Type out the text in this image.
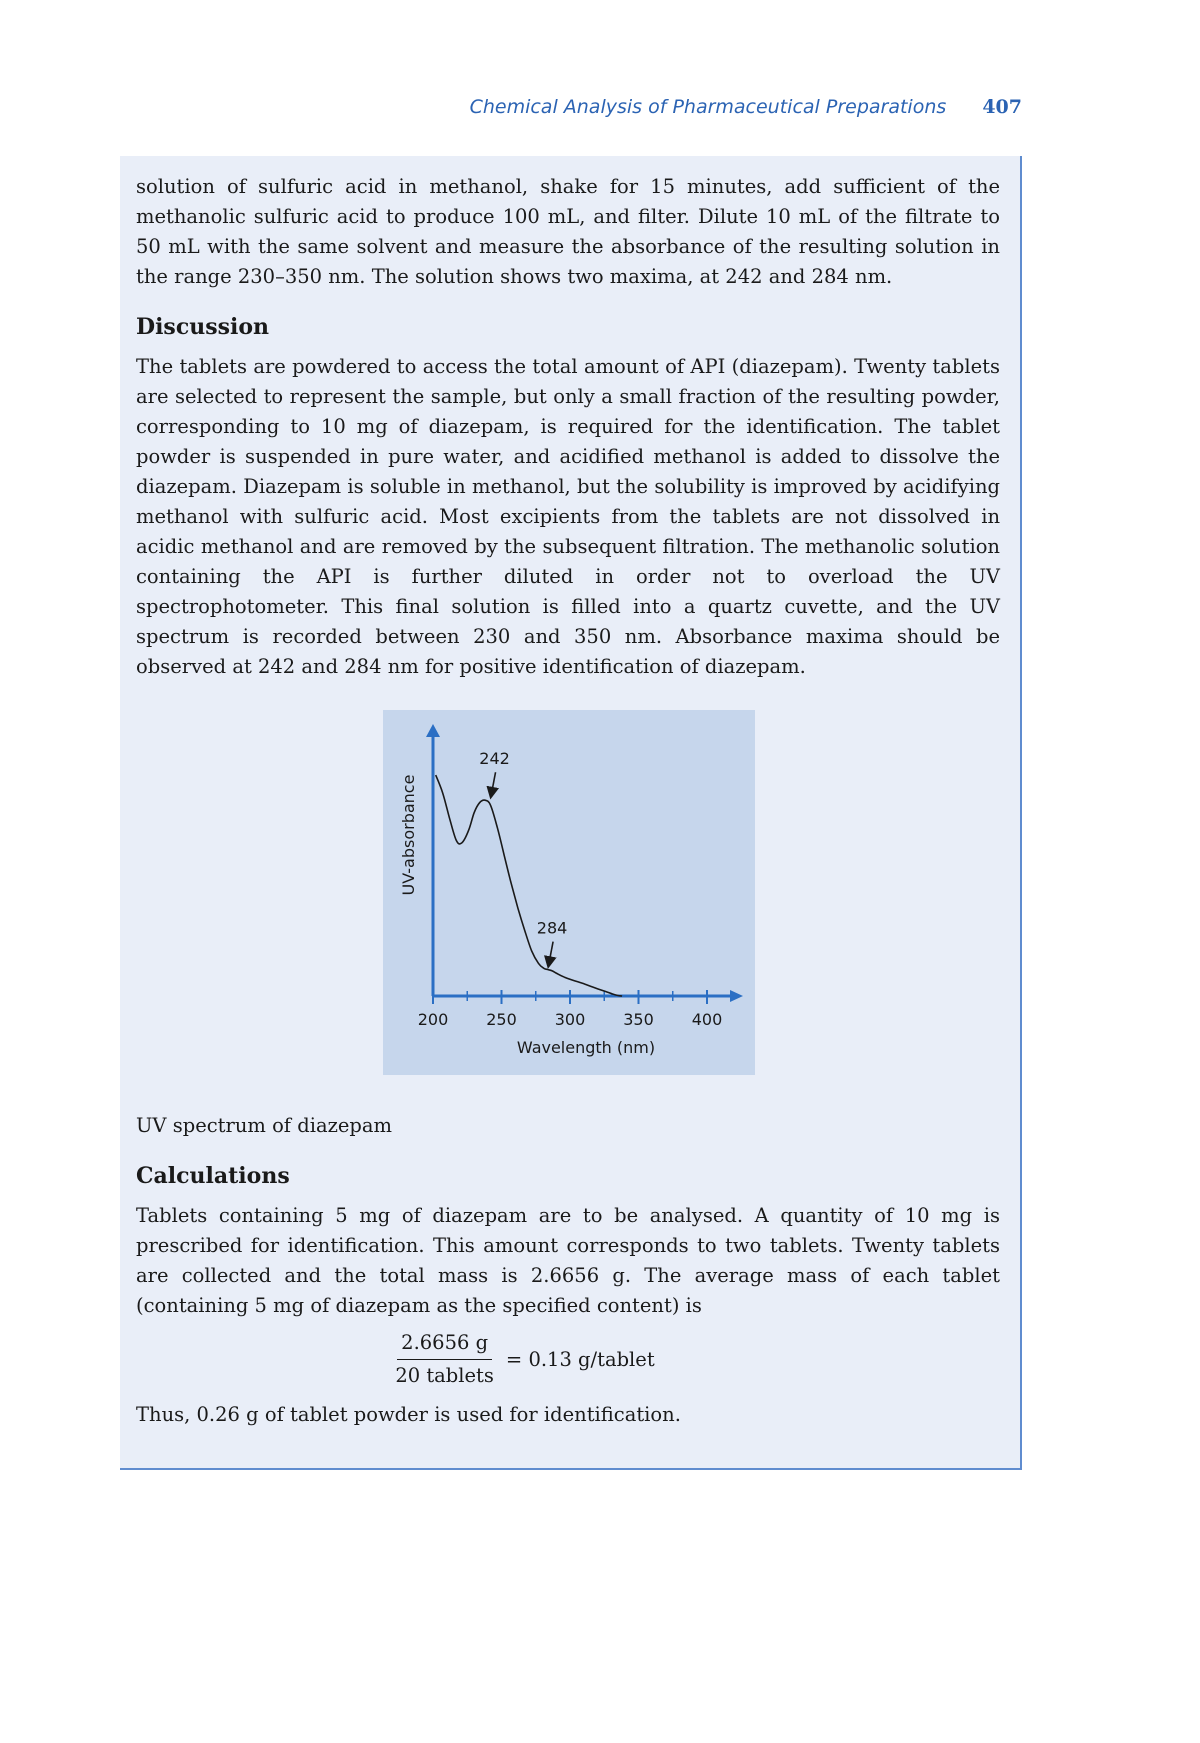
Chemical Analysis of Pharmaceutical Preparations 407

solution of sulfuric acid in methanol, shake for 15 minutes, add sufficient of the methanolic sulfuric acid to produce 100 mL, and filter. Dilute 10 mL of the filtrate to 50 mL with the same solvent and measure the absorbance of the resulting solution in the range 230–350 nm. The solution shows two maxima, at 242 and 284 nm.

Discussion

The tablets are powdered to access the total amount of API (diazepam). Twenty tablets are selected to represent the sample, but only a small fraction of the resulting powder, corresponding to 10 mg of diazepam, is required for the identification. The tablet powder is suspended in pure water, and acidified methanol is added to dissolve the diazepam. Diazepam is soluble in methanol, but the solubility is improved by acidifying methanol with sulfuric acid. Most excipients from the tablets are not dissolved in acidic methanol and are removed by the subsequent filtration. The methanolic solution containing the API is further diluted in order not to overload the UV spectrophotometer. This final solution is filled into a quartz cuvette, and the UV spectrum is recorded between 230 and 350 nm. Absorbance maxima should be observed at 242 and 284 nm for positive identification of diazepam.

200 250 300 350 400
242
284
UV-absorbance
Wavelength (nm)

UV spectrum of diazepam

Calculations

Tablets containing 5 mg of diazepam are to be analysed. A quantity of 10 mg is prescribed for identification. This amount corresponds to two tablets. Twenty tablets are collected and the total mass is 2.6656 g. The average mass of each tablet (containing 5 mg of diazepam as the specified content) is

$\frac{2.6656 g}{\text{20 tablets}} = 0.13$ g/tablet

Thus, 0.26 g of tablet powder is used for identification.
